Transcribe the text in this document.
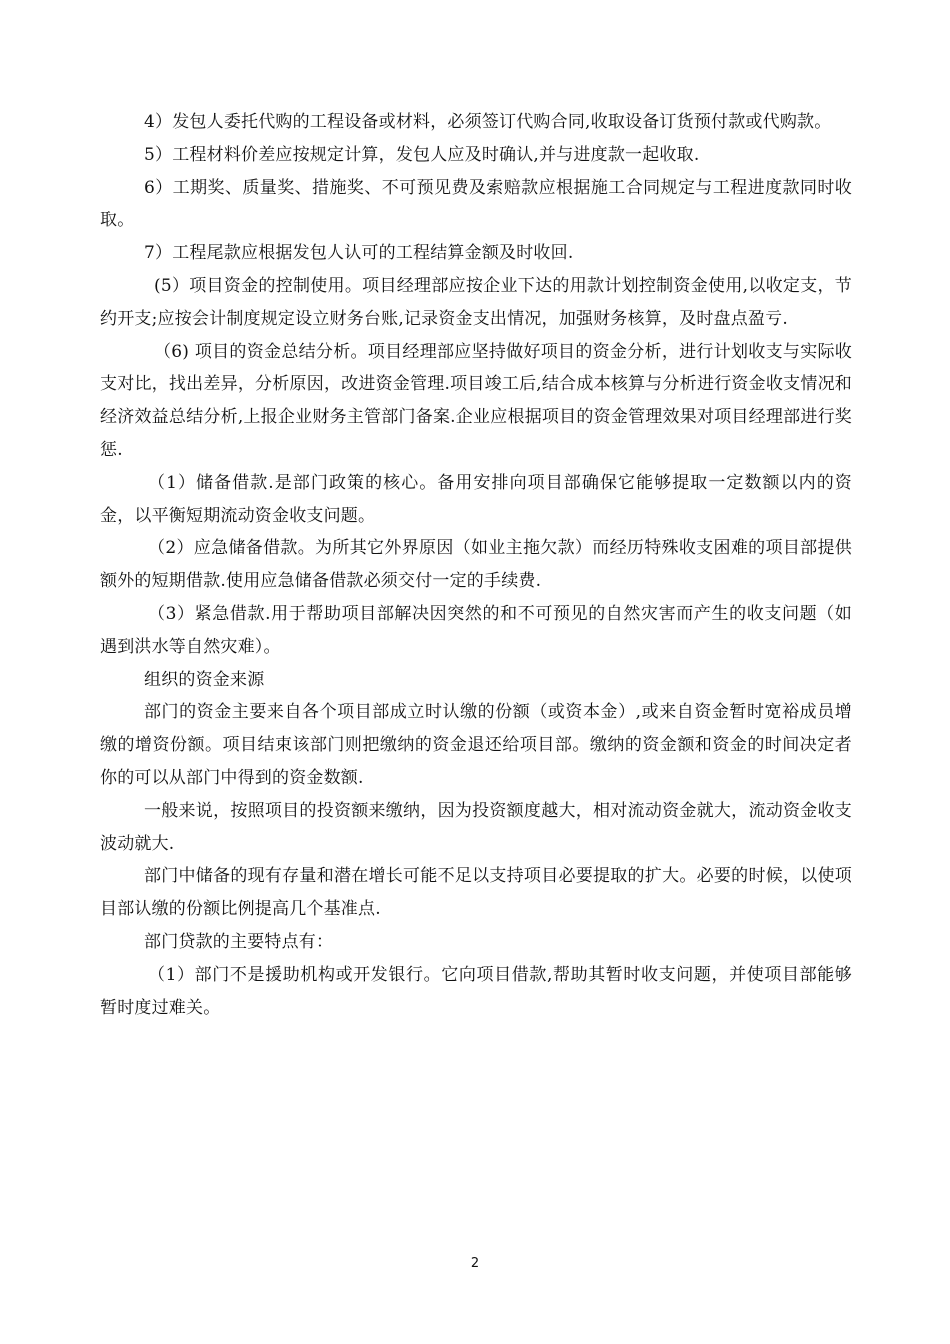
4）发包人委托代购的工程设备或材料，必须签订代购合同,收取设备订货预付款或代购款。

5）工程材料价差应按规定计算，发包人应及时确认,并与进度款一起收取.

6）工期奖、质量奖、措施奖、不可预见费及索赔款应根据施工合同规定与工程进度款同时收取。

7）工程尾款应根据发包人认可的工程结算金额及时收回.

(5）项目资金的控制使用。项目经理部应按企业下达的用款计划控制资金使用,以收定支，节约开支;应按会计制度规定设立财务台账,记录资金支出情况，加强财务核算，及时盘点盈亏.

（6) 项目的资金总结分析。项目经理部应坚持做好项目的资金分析，进行计划收支与实际收支对比，找出差异，分析原因，改进资金管理.项目竣工后,结合成本核算与分析进行资金收支情况和经济效益总结分析,上报企业财务主管部门备案.企业应根据项目的资金管理效果对项目经理部进行奖惩.

（1）储备借款.是部门政策的核心。备用安排向项目部确保它能够提取一定数额以内的资金，以平衡短期流动资金收支问题。

（2）应急储备借款。为所其它外界原因（如业主拖欠款）而经历特殊收支困难的项目部提供额外的短期借款.使用应急储备借款必须交付一定的手续费.

（3）紧急借款.用于帮助项目部解决因突然的和不可预见的自然灾害而产生的收支问题（如遇到洪水等自然灾难）。

组织的资金来源

部门的资金主要来自各个项目部成立时认缴的份额（或资本金）,或来自资金暂时宽裕成员增缴的增资份额。项目结束该部门则把缴纳的资金退还给项目部。缴纳的资金额和资金的时间决定者你的可以从部门中得到的资金数额.

一般来说，按照项目的投资额来缴纳，因为投资额度越大，相对流动资金就大，流动资金收支波动就大.

部门中储备的现有存量和潜在增长可能不足以支持项目必要提取的扩大。必要的时候，以使项目部认缴的份额比例提高几个基准点.

部门贷款的主要特点有：

（1）部门不是援助机构或开发银行。它向项目借款,帮助其暂时收支问题，并使项目部能够暂时度过难关。

2
